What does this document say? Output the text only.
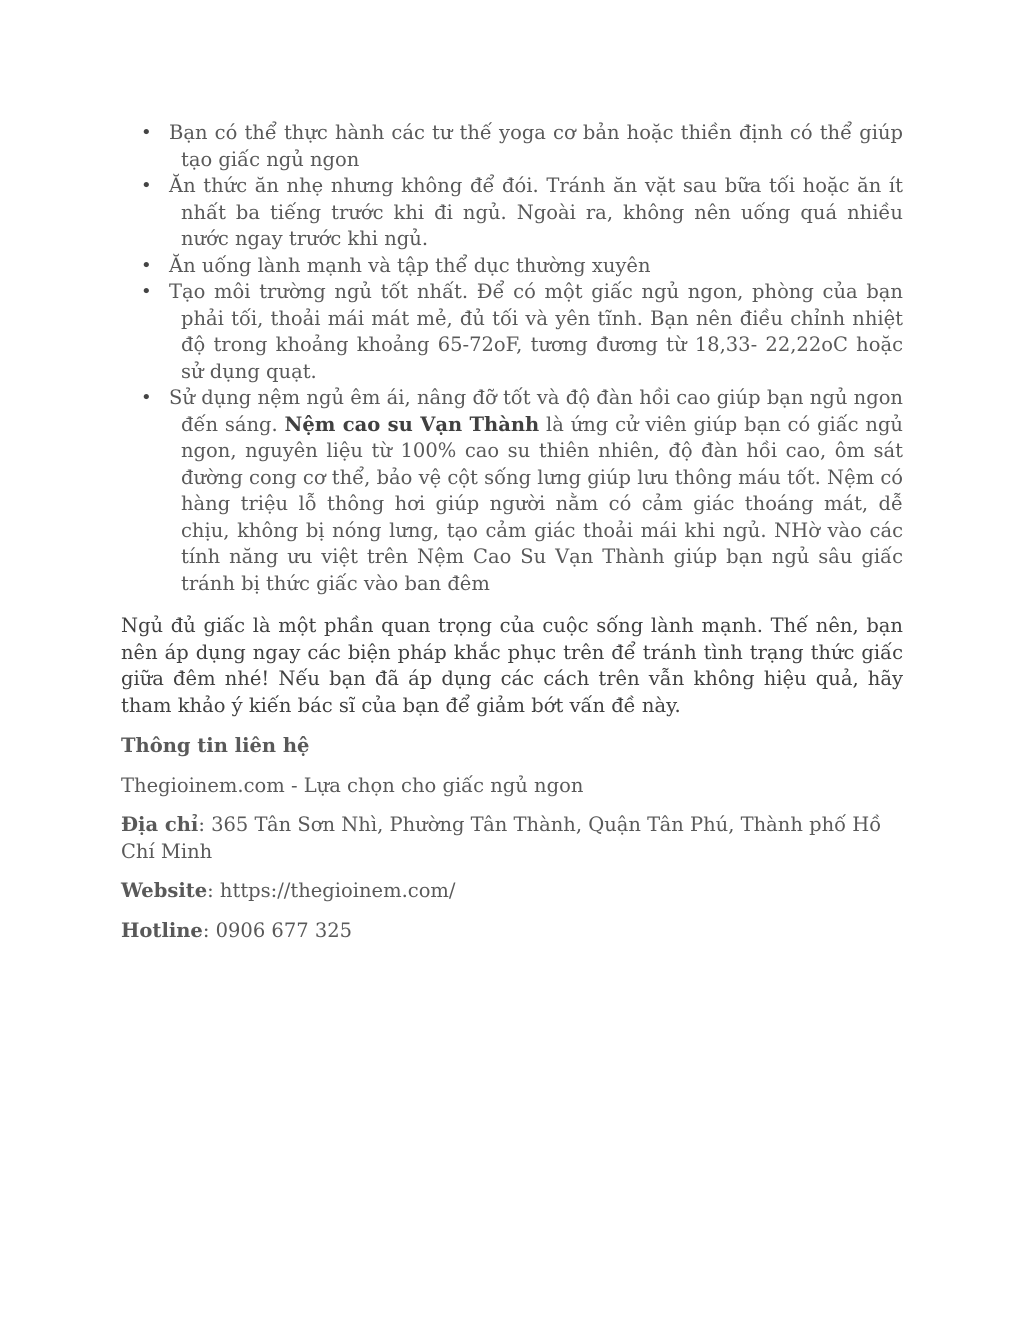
• Bạn có thể thực hành các tư thế yoga cơ bản hoặc thiền định có thể giúp tạo giấc ngủ ngon
• Ăn thức ăn nhẹ nhưng không để đói. Tránh ăn vặt sau bữa tối hoặc ăn ít nhất ba tiếng trước khi đi ngủ. Ngoài ra, không nên uống quá nhiều nước ngay trước khi ngủ.
• Ăn uống lành mạnh và tập thể dục thường xuyên
• Tạo môi trường ngủ tốt nhất. Để có một giấc ngủ ngon, phòng của bạn phải tối, thoải mái mát mẻ, đủ tối và yên tĩnh. Bạn nên điều chỉnh nhiệt độ trong khoảng khoảng 65-72oF, tương đương từ 18,33- 22,22oC hoặc sử dụng quạt.
• Sử dụng nệm ngủ êm ái, nâng đỡ tốt và độ đàn hồi cao giúp bạn ngủ ngon đến sáng. Nệm cao su Vạn Thành là ứng cử viên giúp bạn có giấc ngủ ngon, nguyên liệu từ 100% cao su thiên nhiên, độ đàn hồi cao, ôm sát đường cong cơ thể, bảo vệ cột sống lưng giúp lưu thông máu tốt. Nệm có hàng triệu lỗ thông hơi giúp người nằm có cảm giác thoáng mát, dễ chịu, không bị nóng lưng, tạo cảm giác thoải mái khi ngủ. NHờ vào các tính năng ưu việt trên Nệm Cao Su Vạn Thành giúp bạn ngủ sâu giấc tránh bị thức giấc vào ban đêm

Ngủ đủ giấc là một phần quan trọng của cuộc sống lành mạnh. Thế nên, bạn nên áp dụng ngay các biện pháp khắc phục trên để tránh tình trạng thức giấc giữa đêm nhé! Nếu bạn đã áp dụng các cách trên vẫn không hiệu quả, hãy tham khảo ý kiến bác sĩ của bạn để giảm bớt vấn đề này.

Thông tin liên hệ

Thegioinem.com - Lựa chọn cho giấc ngủ ngon

Địa chỉ: 365 Tân Sơn Nhì, Phường Tân Thành, Quận Tân Phú, Thành phố Hồ Chí Minh

Website: https://thegioinem.com/

Hotline: 0906 677 325
